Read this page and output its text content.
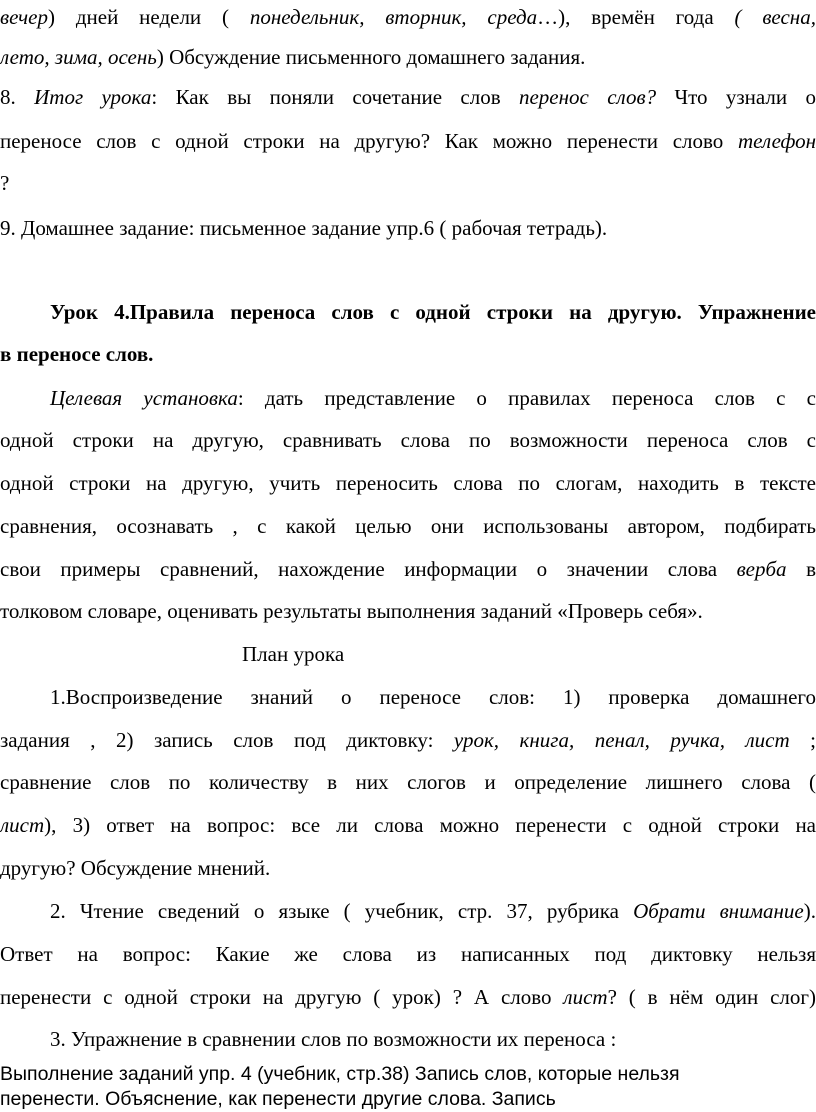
вечер) дней недели ( понедельник, вторник, среда…), времён года ( весна,
лето, зима, осень) Обсуждение письменного домашнего задания.
8. Итог урока: Как вы поняли сочетание слов перенос слов? Что узнали о
переносе слов с одной строки на другую? Как можно перенести слово телефон
?
9. Домашнее задание: письменное задание упр.6 ( рабочая тетрадь).
Урок 4.Правила переноса слов с одной строки на другую. Упражнение
в переносе слов.
Целевая установка: дать представление о правилах переноса слов с с
одной строки на другую, сравнивать слова по возможности переноса слов с
одной строки на другую, учить переносить слова по слогам, находить в тексте
сравнения, осознавать , с какой целью они использованы автором, подбирать
свои примеры сравнений, нахождение информации о значении слова верба в
толковом словаре, оценивать результаты выполнения заданий «Проверь себя».
План урока
1.Воспроизведение знаний о переносе слов: 1) проверка домашнего
задания , 2) запись слов под диктовку: урок, книга, пенал, ручка, лист ;
сравнение слов по количеству в них слогов и определение лишнего слова (
лист), 3) ответ на вопрос: все ли слова можно перенести с одной строки на
другую? Обсуждение мнений.
2. Чтение сведений о языке ( учебник, стр. 37, рубрика Обрати внимание).
Ответ на вопрос: Какие же слова из написанных под диктовку нельзя
перенести с одной строки на другую ( урок) ? А слово лист? ( в нём один слог)
3. Упражнение в сравнении слов по возможности их переноса :
Выполнение заданий упр. 4 (учебник, стр.38) Запись слов, которые нельзя
перенести. Объяснение, как перенести другие слова. Запись
